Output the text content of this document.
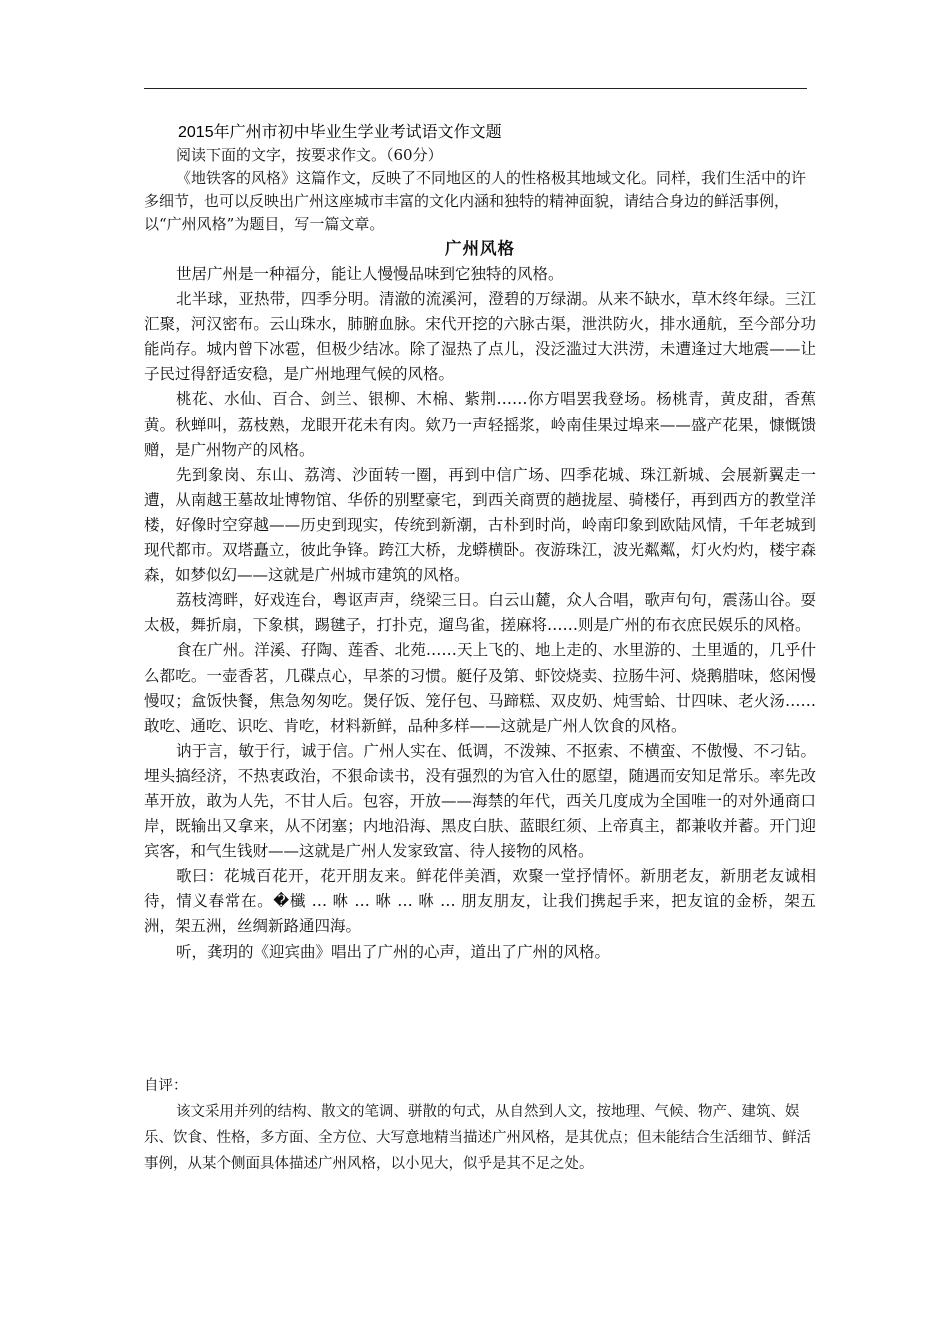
2015年广州市初中毕业生学业考试语文作文题

阅读下面的文字，按要求作文。（60分）

《地铁客的风格》这篇作文，反映了不同地区的人的性格极其地域文化。同样，我们生活中的许多细节，也可以反映出广州这座城市丰富的文化内涵和独特的精神面貌，请结合身边的鲜活事例，以“广州风格”为题目，写一篇文章。

广州风格

世居广州是一种福分，能让人慢慢品味到它独特的风格。

北半球，亚热带，四季分明。清澈的流溪河，澄碧的万绿湖。从来不缺水，草木终年绿。三江汇聚，河汉密布。云山珠水，肺腑血脉。宋代开挖的六脉古渠，泄洪防火，排水通航，至今部分功能尚存。城内曾下冰雹，但极少结冰。除了湿热了点儿，没泛滥过大洪涝，未遭逢过大地震——让子民过得舒适安稳，是广州地理气候的风格。

桃花、水仙、百合、剑兰、银柳、木棉、紫荆……你方唱罢我登场。杨桃青，黄皮甜，香蕉黄。秋蝉叫，荔枝熟，龙眼开花未有肉。欸乃一声轻摇浆，岭南佳果过埠来——盛产花果，慷慨馈赠，是广州物产的风格。

先到象岗、东山、荔湾、沙面转一圈，再到中信广场、四季花城、珠江新城、会展新翼走一遭，从南越王墓故址博物馆、华侨的别墅豪宅，到西关商贾的趟拢屋、骑楼仔，再到西方的教堂洋楼，好像时空穿越——历史到现实，传统到新潮，古朴到时尚，岭南印象到欧陆风情，千年老城到现代都市。双塔矗立，彼此争锋。跨江大桥，龙蟒横卧。夜游珠江，波光粼粼，灯火灼灼，楼宇森森，如梦似幻——这就是广州城市建筑的风格。

荔枝湾畔，好戏连台，粤讴声声，绕梁三日。白云山麓，众人合唱，歌声句句，震荡山谷。耍太极，舞折扇，下象棋，踢毽子，打扑克，遛鸟雀，搓麻将……则是广州的布衣庶民娱乐的风格。

食在广州。洋溪、孖陶、莲香、北苑……天上飞的、地上走的、水里游的、土里遁的，几乎什么都吃。一壶香茗，几碟点心，早茶的习惯。艇仔及第、虾饺烧卖、拉肠牛河、烧鹅腊味，悠闲慢慢叹；盒饭快餐，焦急匆匆吃。煲仔饭、笼仔包、马蹄糕、双皮奶、炖雪蛤、廿四味、老火汤……敢吃、通吃、识吃、肯吃，材料新鲜，品种多样——这就是广州人饮食的风格。

讷于言，敏于行，诚于信。广州人实在、低调，不泼辣、不抠索、不横蛮、不傲慢、不刁钻。埋头搞经济，不热衷政治，不狠命读书，没有强烈的为官入仕的愿望，随遇而安知足常乐。率先改革开放，敢为人先，不甘人后。包容，开放——海禁的年代，西关几度成为全国唯一的对外通商口岸，既输出又拿来，从不闭塞；内地沿海、黑皮白肤、蓝眼红须、上帝真主，都兼收并蓄。开门迎宾客，和气生钱财——这就是广州人发家致富、待人接物的风格。

歌曰：花城百花开，花开朋友来。鲜花伴美酒，欢聚一堂抒情怀。新朋老友，新朋老友诚相待，情义春常在。�櫼 … 咻 … 咻 … 咻 … 朋友朋友，让我们携起手来，把友谊的金桥，架五洲，架五洲，丝绸新路通四海。

听，龚玥的《迎宾曲》唱出了广州的心声，道出了广州的风格。

自评：

该文采用并列的结构、散文的笔调、骈散的句式，从自然到人文，按地理、气候、物产、建筑、娱乐、饮食、性格，多方面、全方位、大写意地精当描述广州风格，是其优点；但未能结合生活细节、鲜活事例，从某个侧面具体描述广州风格，以小见大，似乎是其不足之处。
